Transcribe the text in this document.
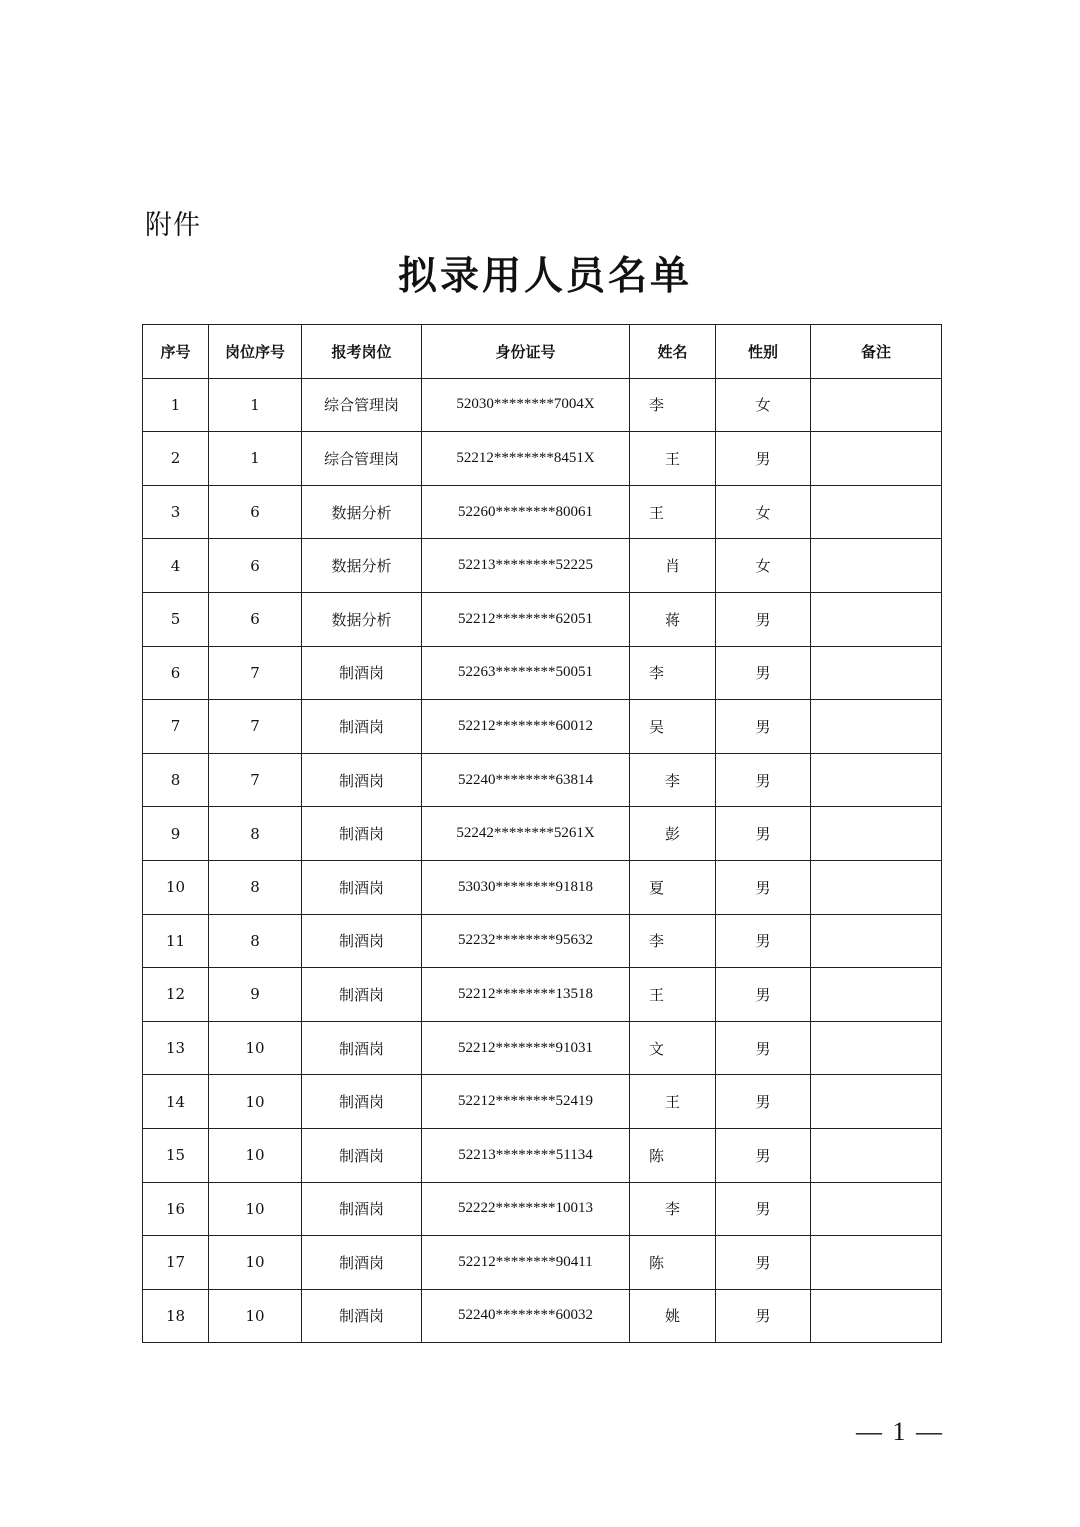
附件
拟录用人员名单
序号	岗位序号	报考岗位	身份证号	姓名	性别	备注
1	1	综合管理岗	52030********7004X	李	女	
2	1	综合管理岗	52212********8451X	王	男	
3	6	数据分析	52260********80061	王	女	
4	6	数据分析	52213********52225	肖	女	
5	6	数据分析	52212********62051	蒋	男	
6	7	制酒岗	52263********50051	李	男	
7	7	制酒岗	52212********60012	吴	男	
8	7	制酒岗	52240********63814	李	男	
9	8	制酒岗	52242********5261X	彭	男	
10	8	制酒岗	53030********91818	夏	男	
11	8	制酒岗	52232********95632	李	男	
12	9	制酒岗	52212********13518	王	男	
13	10	制酒岗	52212********91031	文	男	
14	10	制酒岗	52212********52419	王	男	
15	10	制酒岗	52213********51134	陈	男	
16	10	制酒岗	52222********10013	李	男	
17	10	制酒岗	52212********90411	陈	男	
18	10	制酒岗	52240********60032	姚	男	
— 1 —
